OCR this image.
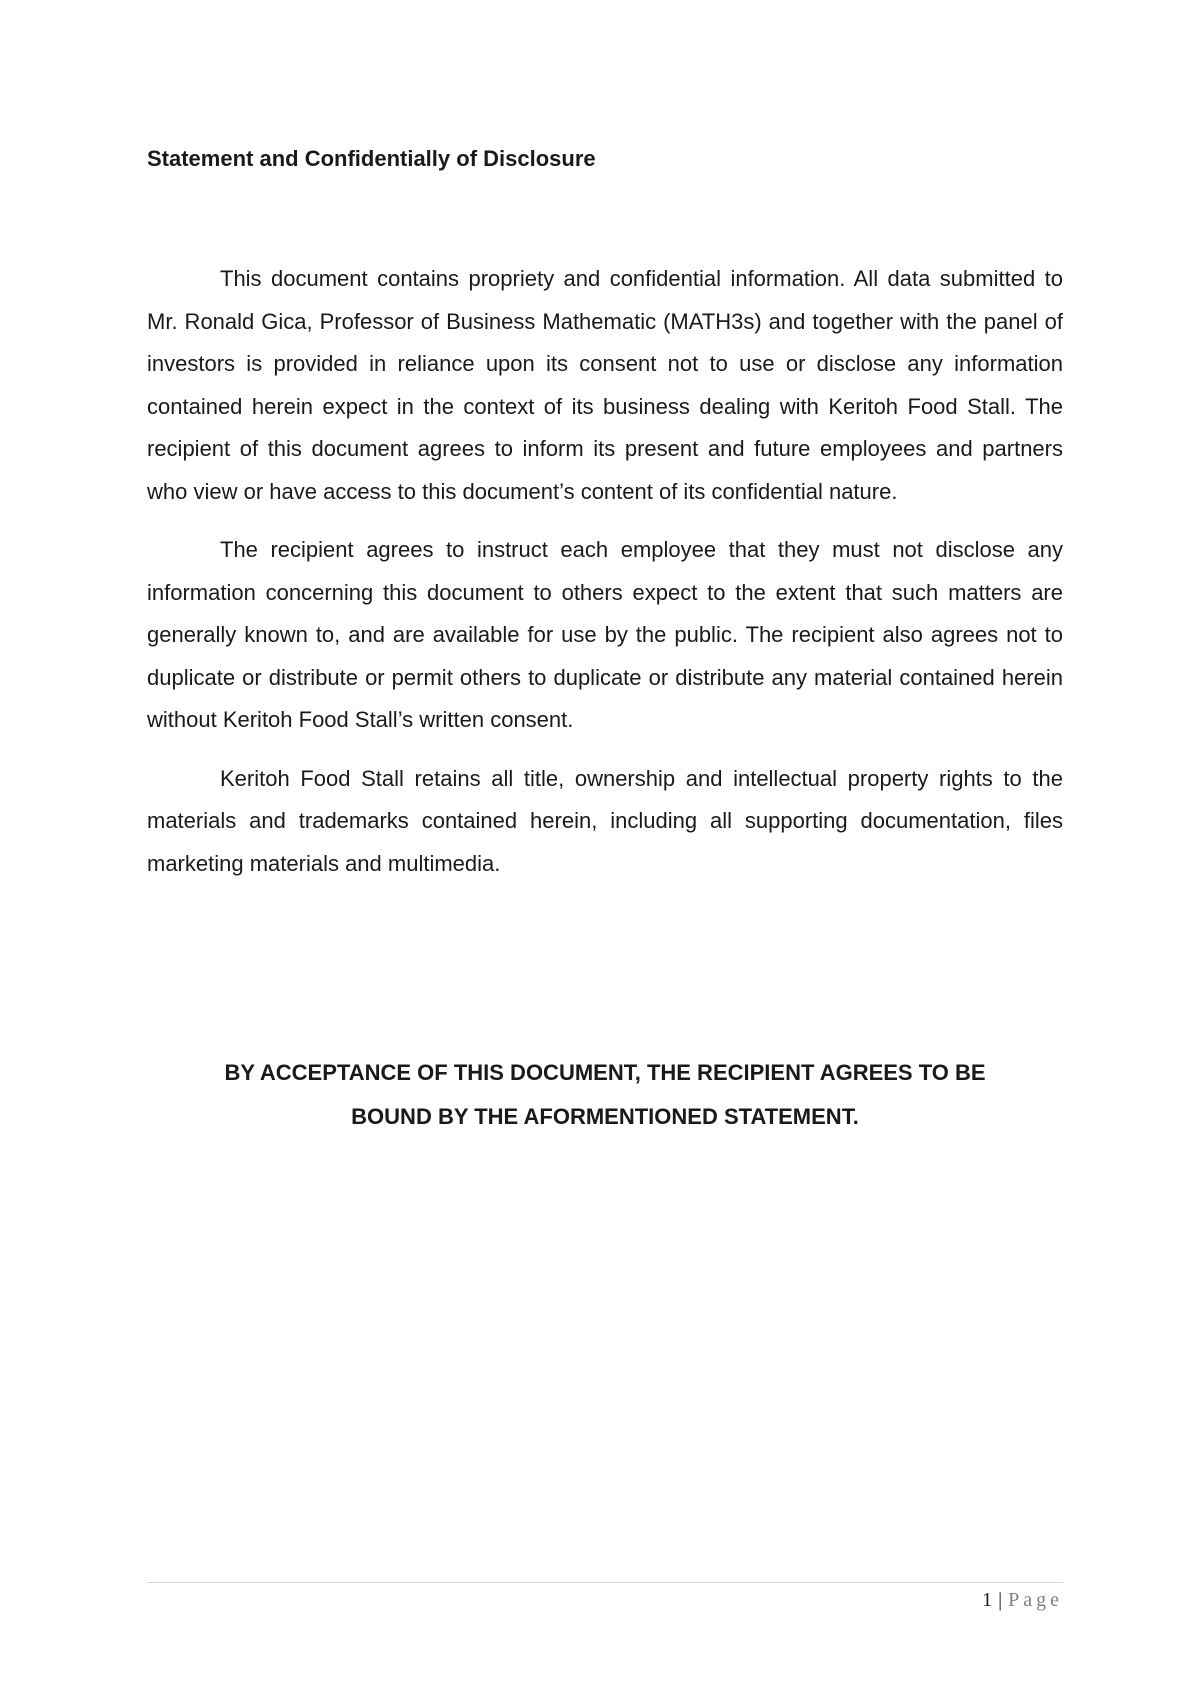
Statement and Confidentially of Disclosure

This document contains propriety and confidential information. All data submitted to Mr. Ronald Gica, Professor of Business Mathematic (MATH3s) and together with the panel of investors is provided in reliance upon its consent not to use or disclose any information contained herein expect in the context of its business dealing with Keritoh Food Stall. The recipient of this document agrees to inform its present and future employees and partners who view or have access to this document’s content of its confidential nature.

The recipient agrees to instruct each employee that they must not disclose any information concerning this document to others expect to the extent that such matters are generally known to, and are available for use by the public. The recipient also agrees not to duplicate or distribute or permit others to duplicate or distribute any material contained herein without Keritoh Food Stall’s written consent.

Keritoh Food Stall retains all title, ownership and intellectual property rights to the materials and trademarks contained herein, including all supporting documentation, files marketing materials and multimedia.

BY ACCEPTANCE OF THIS DOCUMENT, THE RECIPIENT AGREES TO BE
BOUND BY THE AFORMENTIONED STATEMENT.
1 | Page
